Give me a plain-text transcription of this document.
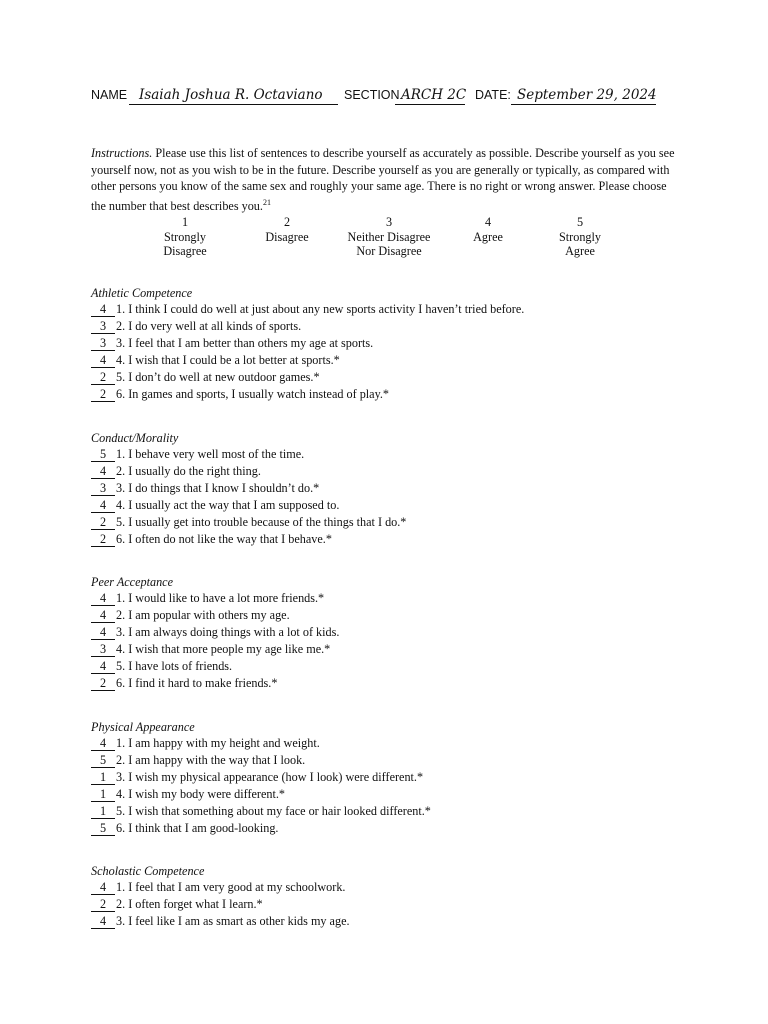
NAME Isaiah Joshua R. Octaviano	SECTION ARCH 2C DATE: September 29, 2024
Instructions. Please use this list of sentences to describe yourself as accurately as possible. Describe yourself as you see yourself now, not as you wish to be in the future. Describe yourself as you are generally or typically, as compared with other persons you know of the same sex and roughly your same age. There is no right or wrong answer. Please choose the number that best describes you.$^{21}$
1
Strongly
Disagree
2
Disagree
3
Neither Disagree
Nor Disagree
4
Agree
5
Strongly
Agree
Athletic Competence
4 1. I think I could do well at just about any new sports activity I haven’t tried before.
3 2. I do very well at all kinds of sports.
3 3. I feel that I am better than others my age at sports.
4 4. I wish that I could be a lot better at sports.*
2 5. I don’t do well at new outdoor games.*
2 6. In games and sports, I usually watch instead of play.*
Conduct/Morality
5 1. I behave very well most of the time.
4 2. I usually do the right thing.
3 3. I do things that I know I shouldn’t do.*
4 4. I usually act the way that I am supposed to.
2 5. I usually get into trouble because of the things that I do.*
2 6. I often do not like the way that I behave.*
Peer Acceptance
4 1. I would like to have a lot more friends.*
4 2. I am popular with others my age.
4 3. I am always doing things with a lot of kids.
3 4. I wish that more people my age like me.*
4 5. I have lots of friends.
2 6. I find it hard to make friends.*
Physical Appearance
4 1. I am happy with my height and weight.
5 2. I am happy with the way that I look.
1 3. I wish my physical appearance (how I look) were different.*
1 4. I wish my body were different.*
1 5. I wish that something about my face or hair looked different.*
5 6. I think that I am good-looking.
Scholastic Competence
4 1. I feel that I am very good at my schoolwork.
2 2. I often forget what I learn.*
4 3. I feel like I am as smart as other kids my age.
